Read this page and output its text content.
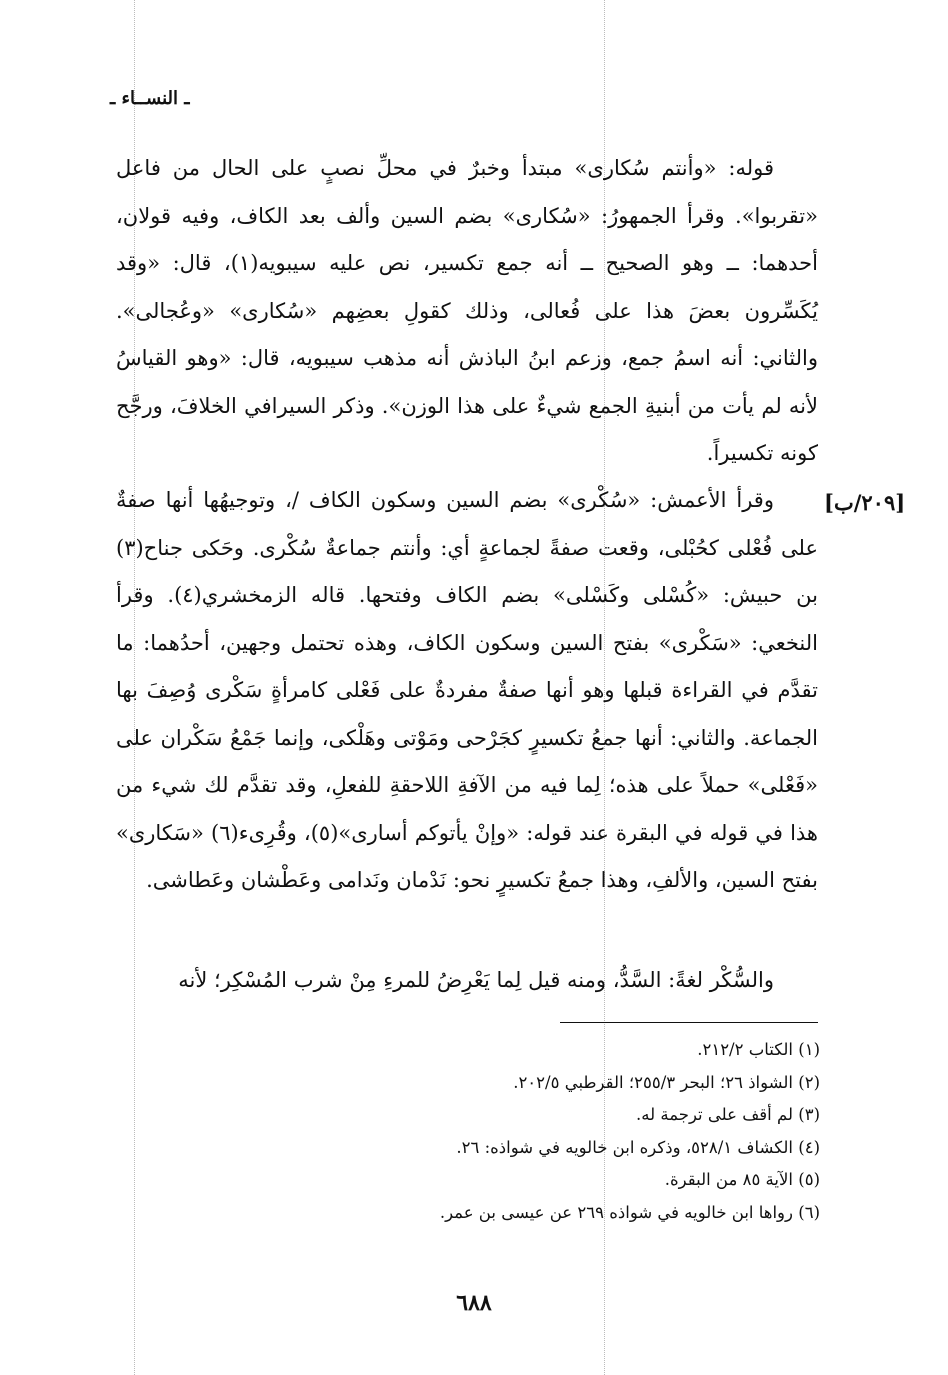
ـ النســاء ـ
[٢٠٩/ب]

قوله: «وأنتم سُكارى» مبتدأ وخبرٌ في محلِّ نصبٍ على الحال من فاعل «تقربوا». وقرأ الجمهورُ: «سُكارى» بضم السين وألف بعد الكاف، وفيه قولان، أحدهما: ــ وهو الصحيح ــ أنه جمع تكسير، نص عليه سيبويه(١)، قال: «وقد يُكَسِّرون بعضَ هذا على فُعالى، وذلك كقولِ بعضِهم «سُكارى» «وعُجالى». والثاني: أنه اسمُ جمع، وزعم ابنُ الباذش أنه مذهب سيبويه، قال: «وهو القياسُ لأنه لم يأت من أبنيةِ الجمع شيءٌ على هذا الوزن». وذكر السيرافي الخلافَ، ورجَّح كونه تكسيراً.

وقرأ الأعمش: «سُكْرى» بضم السين وسكون الكاف /، وتوجيهُها أنها صفةٌ على فُعْلى كحُبْلى، وقعت صفةً لجماعةٍ أي: وأنتم جماعةٌ سُكْرى. وحَكى جناح(٣) بن حبيش: «كُسْلى وكَسْلى» بضم الكاف وفتحها. قاله الزمخشري(٤). وقرأ النخعي: «سَكْرى» بفتح السين وسكون الكاف، وهذه تحتمل وجهين، أحدُهما: ما تقدَّم في القراءة قبلها وهو أنها صفةٌ مفردةٌ على فَعْلى كامرأةٍ سَكْرى وُصِفَ بها الجماعة. والثاني: أنها جمعُ تكسيرٍ كجَرْحى ومَوْتى وهَلْكى، وإنما جَمْعُ سَكْران على «فَعْلى» حملاً على هذه؛ لِما فيه من الآفةِ اللاحقةِ للفعلِ، وقد تقدَّم لك شيء من هذا في قوله في البقرة عند قوله: «وإنْ يأتوكم أسارى»(٥)، وقُرِىء(٦) «سَكارى» بفتح السين، والألفِ، وهذا جمعُ تكسيرٍ نحو: نَدْمان ونَدامى وعَطْشان وعَطاشى.

والسُّكْر لغةً: السَّدُّ، ومنه قيل لِما يَعْرِضُ للمرءِ مِنْ شرب المُسْكِر؛ لأنه

(١) الكتاب ٢١٢/٢.
(٢) الشواذ ٢٦؛ البحر ٢٥٥/٣؛ القرطبي ٢٠٢/٥.
(٣) لم أقف على ترجمة له.
(٤) الكشاف ٥٢٨/١، وذكره ابن خالويه في شواذه: ٢٦.
(٥) الآية ٨٥ من البقرة.
(٦) رواها ابن خالويه في شواذه ٢٦٩ عن عيسى بن عمر.
٦٨٨
